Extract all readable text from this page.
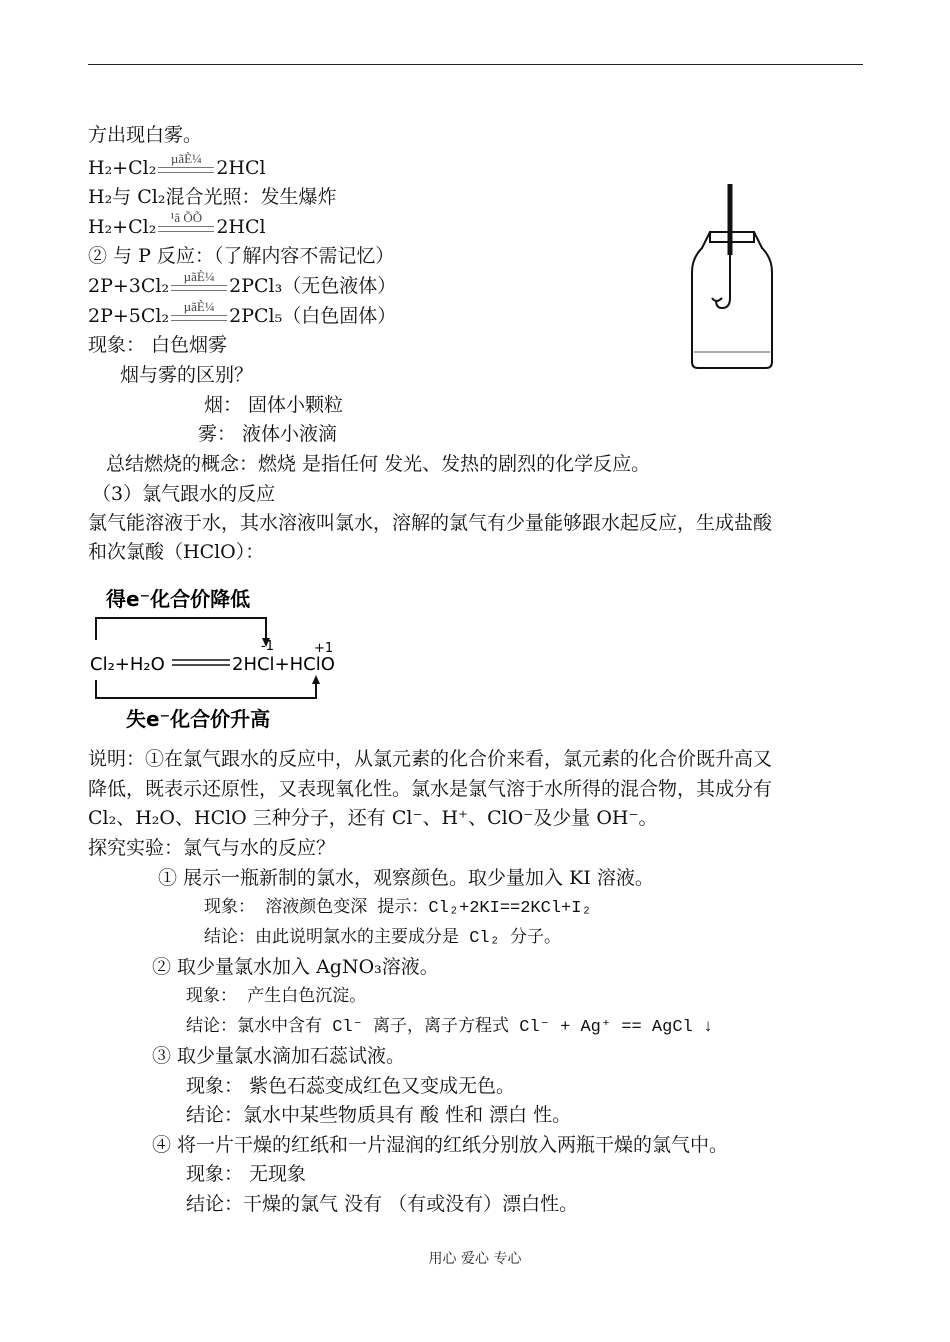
方出现白雾。
H₂+Cl₂	µãÈ¼ 2HCl
H₂与 Cl₂混合光照：发生爆炸
H₂+Cl₂	¹â ÕÕ 2HCl
② 与 P 反应：（了解内容不需记忆）
2P+3Cl₂	µãÈ¼ 2PCl₃（无色液体）
2P+5Cl₂	µãÈ¼ 2PCl₅（白色固体）
现象： 白色烟雾
烟与雾的区别？
烟： 固体小颗粒
雾： 液体小液滴
总结燃烧的概念：燃烧 是指任何 发光、发热的剧烈的化学反应。
（3）氯气跟水的反应
氯气能溶液于水，其水溶液叫氯水，溶解的氯气有少量能够跟水起反应，生成盐酸
和次氯酸（HClO）：
得e⁻化合价降低
-1	+1
Cl₂+H₂O	2HCl+HClO
失e⁻化合价升高
说明：①在氯气跟水的反应中，从氯元素的化合价来看，氯元素的化合价既升高又
降低，既表示还原性，又表现氧化性。氯水是氯气溶于水所得的混合物，其成分有
Cl₂、H₂O、HClO 三种分子，还有 Cl⁻、H⁺、ClO⁻及少量 OH⁻。
探究实验：氯气与水的反应？
① 展示一瓶新制的氯水，观察颜色。取少量加入 KI 溶液。
现象： 溶液颜色变深 提示：Cl₂+2KI==2KCl+I₂
结论：由此说明氯水的主要成分是 Cl₂ 分子。
② 取少量氯水加入 AgNO₃溶液。
现象： 产生白色沉淀。
结论：氯水中含有 Cl⁻ 离子，离子方程式 Cl⁻ + Ag⁺ == AgCl ↓
③ 取少量氯水滴加石蕊试液。
现象： 紫色石蕊变成红色又变成无色。
结论：氯水中某些物质具有 酸 性和 漂白 性。
④ 将一片干燥的红纸和一片湿润的红纸分别放入两瓶干燥的氯气中。
现象： 无现象
结论：干燥的氯气 没有 （有或没有）漂白性。
用心 爱心 专心
